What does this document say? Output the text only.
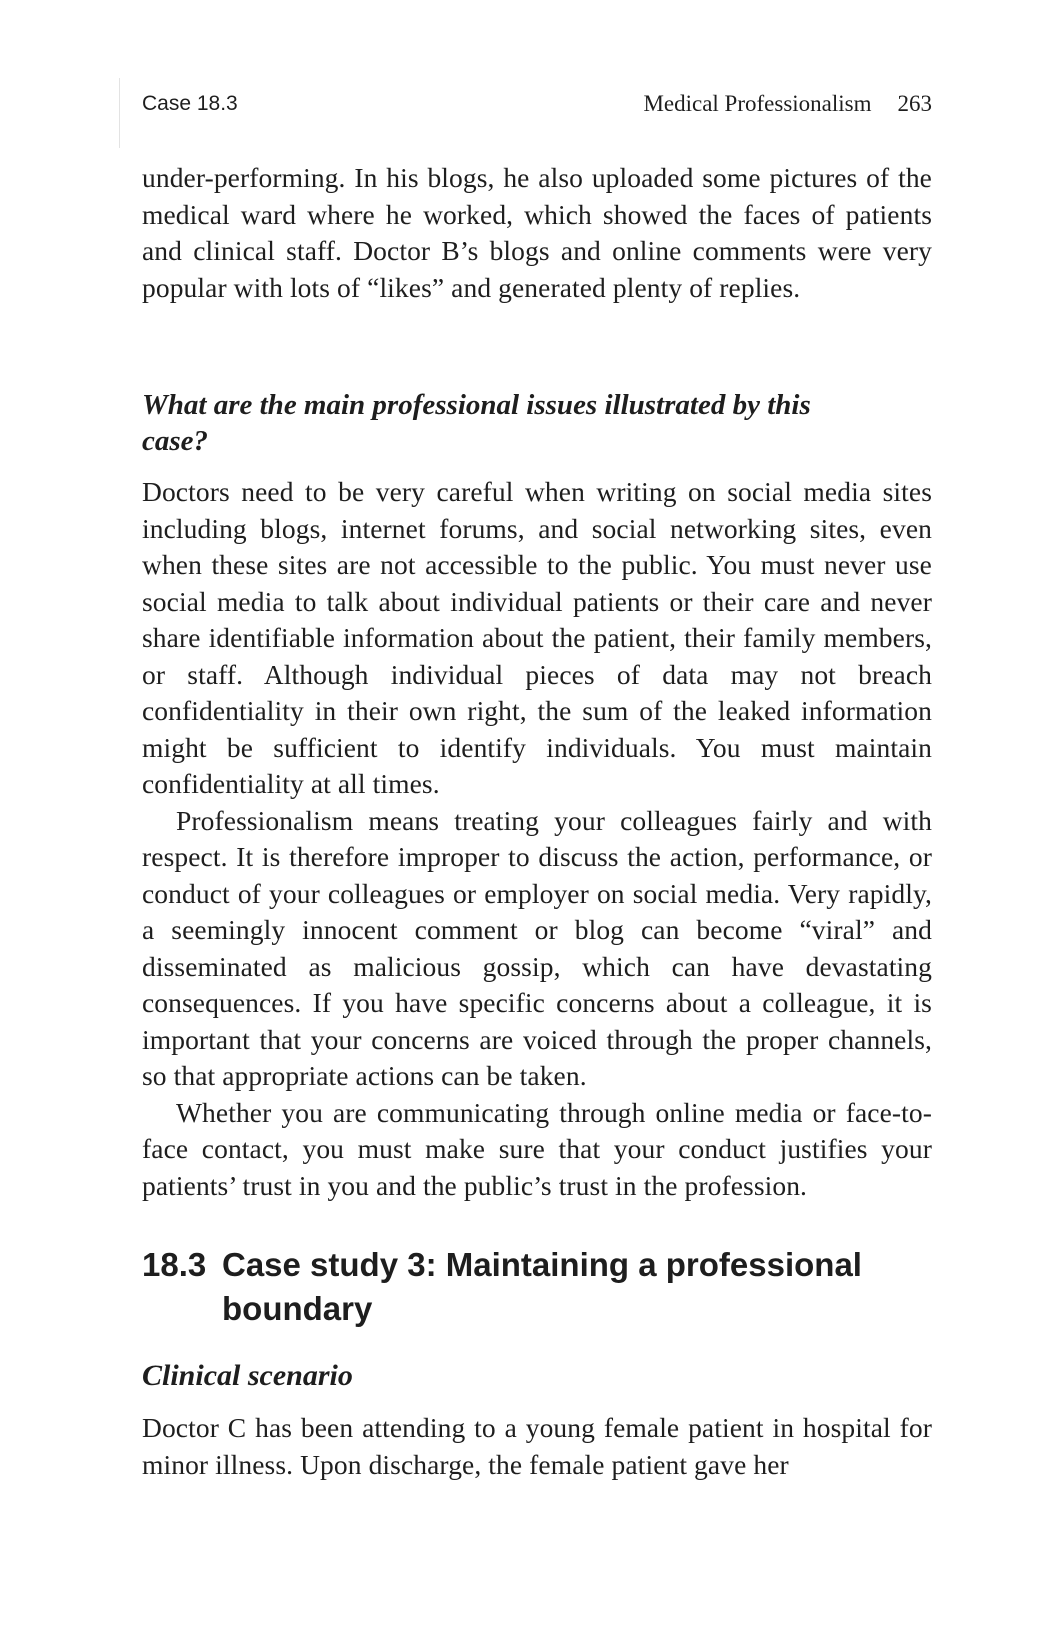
Case 18.3	Medical Professionalism 263

under-performing. In his blogs, he also uploaded some pictures of the medical ward where he worked, which showed the faces of patients and clinical staff. Doctor B’s blogs and online comments were very popular with lots of “likes” and generated plenty of replies.

What are the main professional issues illustrated by this case?

Doctors need to be very careful when writing on social media sites including blogs, internet forums, and social networking sites, even when these sites are not accessible to the public. You must never use social media to talk about individual patients or their care and never share identifiable information about the patient, their family members, or staff. Although individual pieces of data may not breach confidentiality in their own right, the sum of the leaked information might be sufficient to identify individuals. You must maintain confidentiality at all times.

Professionalism means treating your colleagues fairly and with respect. It is therefore improper to discuss the action, performance, or conduct of your colleagues or employer on social media. Very rapidly, a seemingly innocent comment or blog can become “viral” and disseminated as malicious gossip, which can have devastating consequences. If you have specific concerns about a colleague, it is important that your concerns are voiced through the proper channels, so that appropriate actions can be taken.

Whether you are communicating through online media or face-to-face contact, you must make sure that your conduct justifies your patients’ trust in you and the public’s trust in the profession.

18.3 Case study 3: Maintaining a professional boundary
Clinical scenario

Doctor C has been attending to a young female patient in hospital for minor illness. Upon discharge, the female patient gave her
